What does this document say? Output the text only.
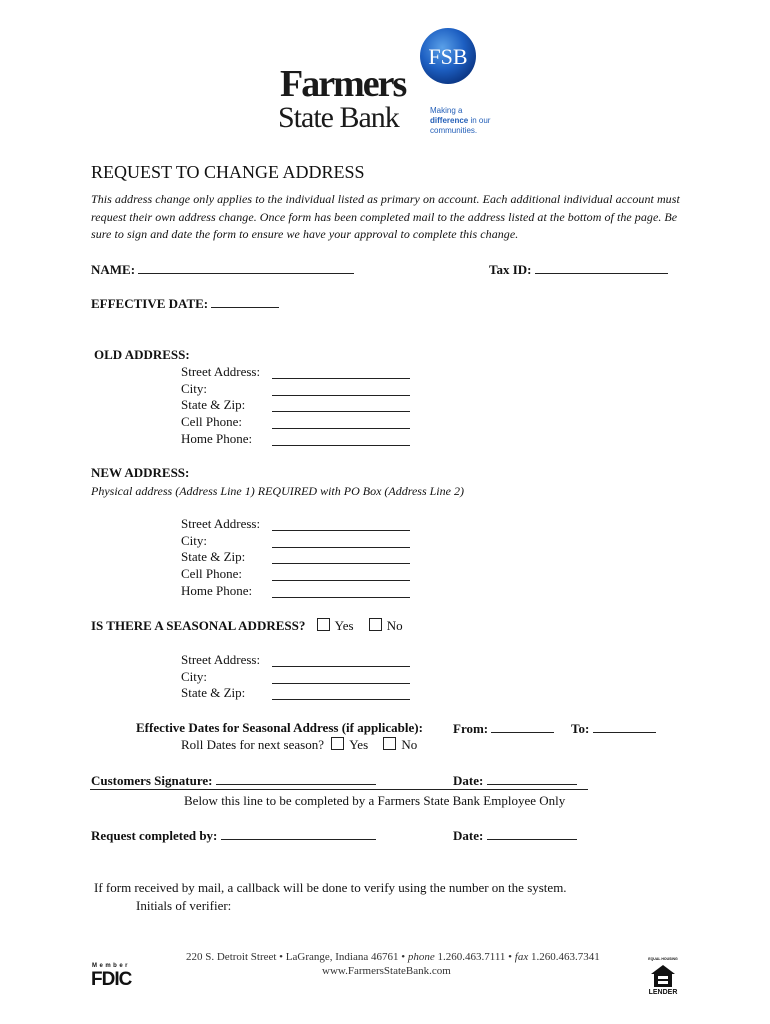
Farmers
State Bank
FSB
Making a
difference in our
communities.
REQUEST TO CHANGE ADDRESS
This address change only applies to the individual listed as primary on account. Each additional individual account must request their own address change. Once form has been completed mail to the address listed at the bottom of the page. Be sure to sign and date the form to ensure we have your approval to complete this change.
NAME:	Tax ID:
EFFECTIVE DATE:
OLD ADDRESS:
Street Address:
City:
State & Zip:
Cell Phone:
Home Phone:
NEW ADDRESS:
Physical address (Address Line 1) REQUIRED with PO Box (Address Line 2)
Street Address:
City:
State & Zip:
Cell Phone:
Home Phone:
IS THERE A SEASONAL ADDRESS? Yes	No
Street Address:
City:
State & Zip:
Effective Dates for Seasonal Address (if applicable): From:	To:
Roll Dates for next season? Yes	No
Customers Signature:	Date:
Below this line to be completed by a Farmers State Bank Employee Only
Request completed by:	Date:
If form received by mail, a callback will be done to verify using the number on the system.
Initials of verifier:
220 S. Detroit Street • LaGrange, Indiana 46761 • phone 1.260.463.7111 • fax 1.260.463.7341
www.FarmersStateBank.com
Member
FDIC
EQUAL HOUSING
LENDER
